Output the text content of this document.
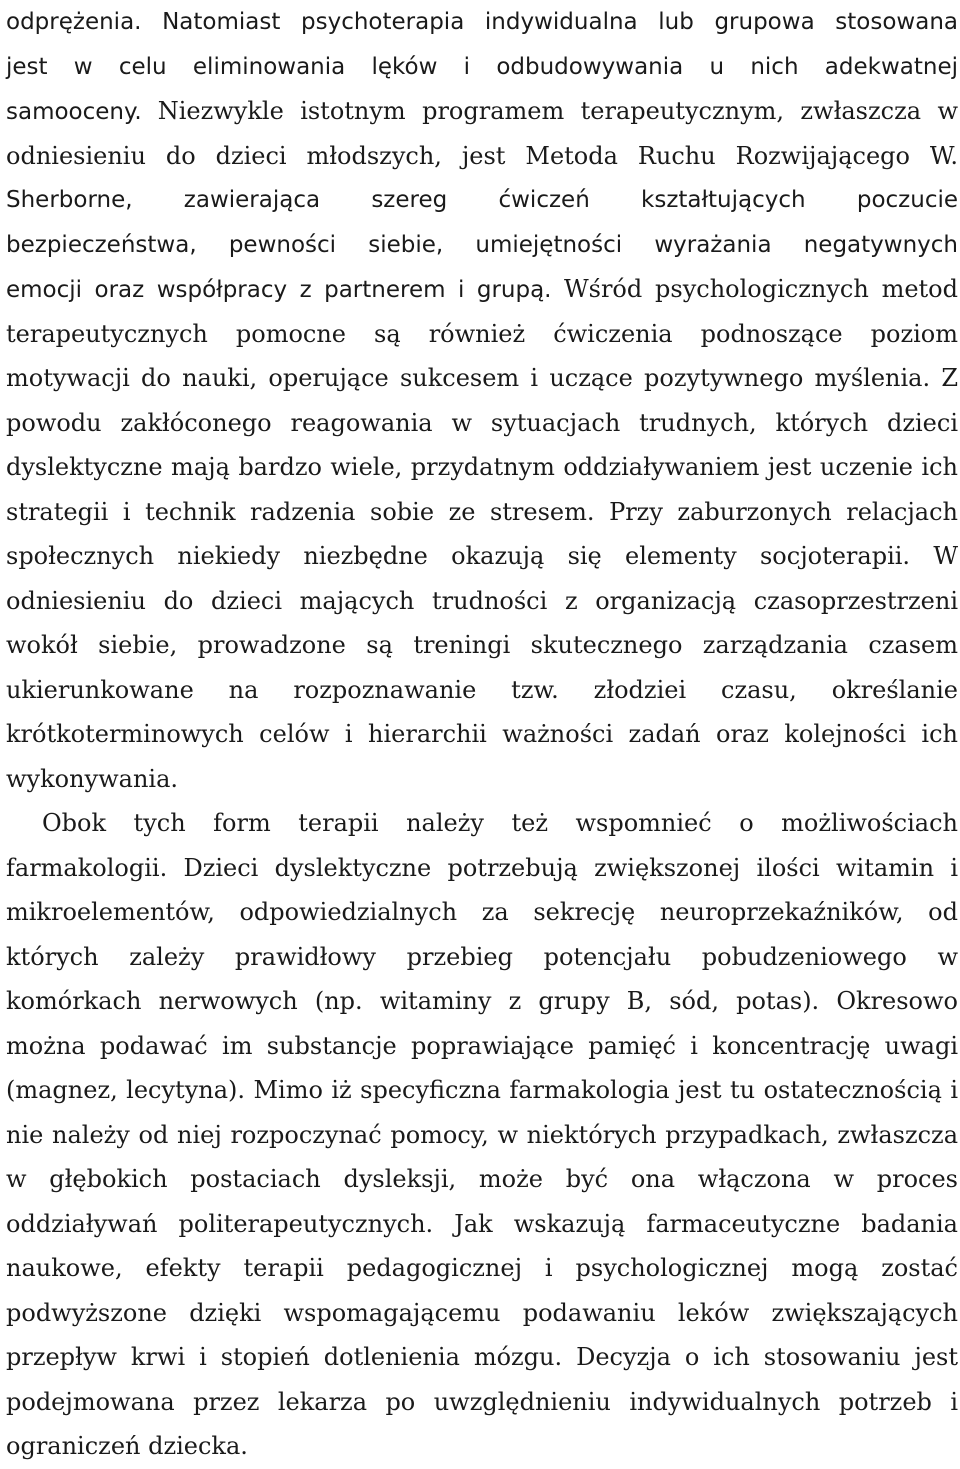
odprężenia. Natomiast psychoterapia indywidualna lub grupowa stosowana
jest w celu eliminowania lęków i odbudowywania u nich adekwatnej
samooceny. Niezwykle istotnym programem terapeutycznym, zwłaszcza w
odniesieniu do dzieci młodszych, jest Metoda Ruchu Rozwijającego W.
Sherborne, zawierająca szereg ćwiczeń kształtujących poczucie
bezpieczeństwa, pewności siebie, umiejętności wyrażania negatywnych
emocji oraz współpracy z partnerem i grupą. Wśród psychologicznych metod
terapeutycznych pomocne są również ćwiczenia podnoszące poziom
motywacji do nauki, operujące sukcesem i uczące pozytywnego myślenia. Z
powodu zakłóconego reagowania w sytuacjach trudnych, których dzieci
dyslektyczne mają bardzo wiele, przydatnym oddziaływaniem jest uczenie ich
strategii i technik radzenia sobie ze stresem. Przy zaburzonych relacjach
społecznych niekiedy niezbędne okazują się elementy socjoterapii. W
odniesieniu do dzieci mających trudności z organizacją czasoprzestrzeni
wokół siebie, prowadzone są treningi skutecznego zarządzania czasem
ukierunkowane na rozpoznawanie tzw. złodziei czasu, określanie
krótkoterminowych celów i hierarchii ważności zadań oraz kolejności ich
wykonywania.
Obok tych form terapii należy też wspomnieć o możliwościach
farmakologii. Dzieci dyslektyczne potrzebują zwiększonej ilości witamin i
mikroelementów, odpowiedzialnych za sekrecję neuroprzekaźników, od
których zależy prawidłowy przebieg potencjału pobudzeniowego w
komórkach nerwowych (np. witaminy z grupy B, sód, potas). Okresowo
można podawać im substancje poprawiające pamięć i koncentrację uwagi
(magnez, lecytyna). Mimo iż specyficzna farmakologia jest tu ostatecznością i
nie należy od niej rozpoczynać pomocy, w niektórych przypadkach, zwłaszcza
w głębokich postaciach dysleksji, może być ona włączona w proces
oddziaływań politerapeutycznych. Jak wskazują farmaceutyczne badania
naukowe, efekty terapii pedagogicznej i psychologicznej mogą zostać
podwyższone dzięki wspomagającemu podawaniu leków zwiększających
przepływ krwi i stopień dotlenienia mózgu. Decyzja o ich stosowaniu jest
podejmowana przez lekarza po uwzględnieniu indywidualnych potrzeb i
ograniczeń dziecka.
